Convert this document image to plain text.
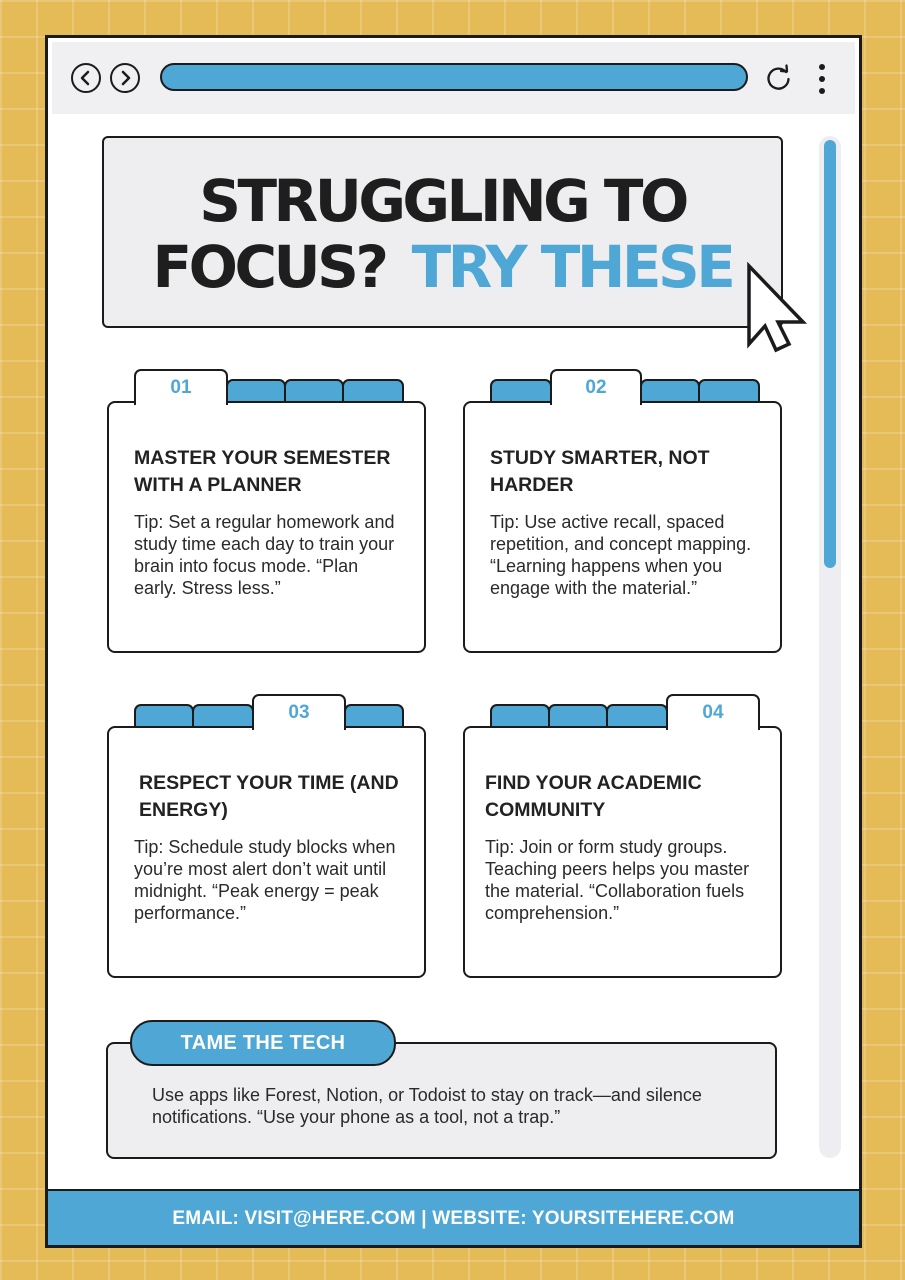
STRUGGLING TO
FOCUS? TRY THESE
01
MASTER YOUR SEMESTER WITH A PLANNER
Tip: Set a regular homework and study time each day to train your brain into focus mode. “Plan early. Stress less.”
02
STUDY SMARTER, NOT HARDER
Tip: Use active recall, spaced repetition, and concept mapping. “Learning happens when you engage with the material.”
03
RESPECT YOUR TIME (AND ENERGY)
Tip: Schedule study blocks when you’re most alert don’t wait until midnight. “Peak energy = peak performance.”
04
FIND YOUR ACADEMIC COMMUNITY
Tip: Join or form study groups. Teaching peers helps you master the material. “Collaboration fuels comprehension.”
Use apps like Forest, Notion, or Todoist to stay on track—and silence notifications. “Use your phone as a tool, not a trap.”
TAME THE TECH
EMAIL: VISIT@HERE.COM | WEBSITE: YOURSITEHERE.COM
